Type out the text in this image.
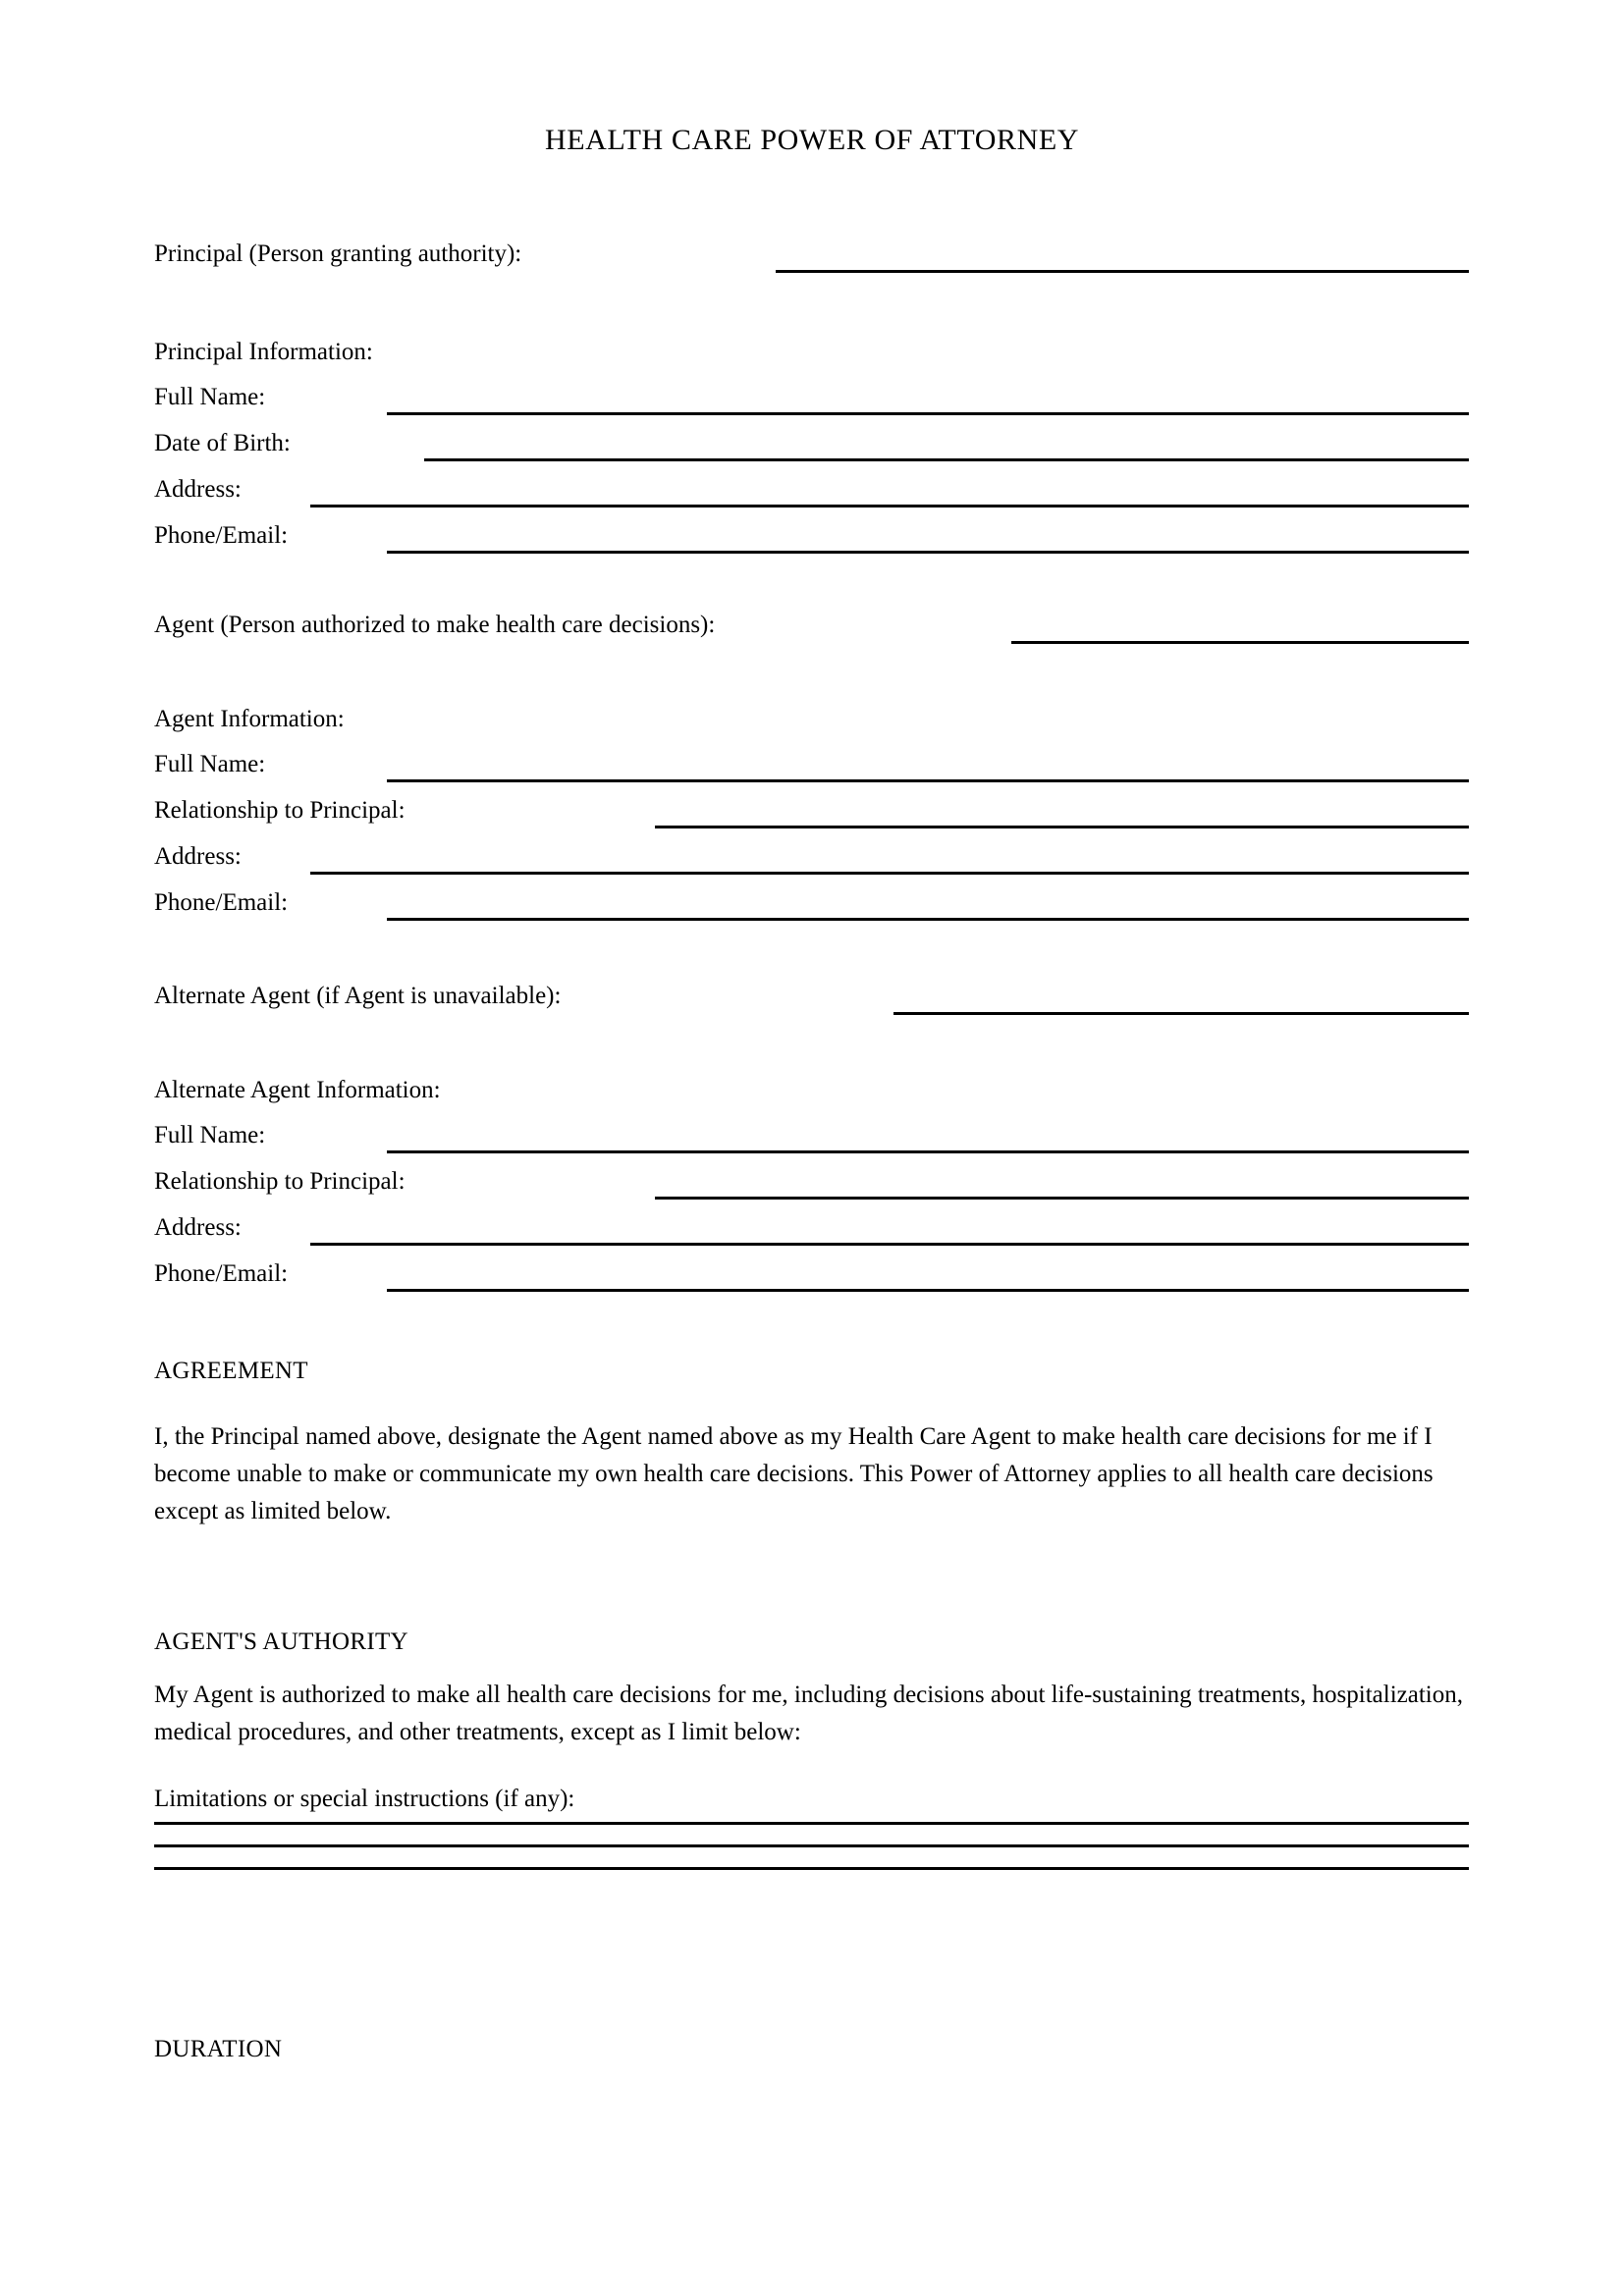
HEALTH CARE POWER OF ATTORNEY
Principal (Person granting authority):
Principal Information:
Full Name:
Date of Birth:
Address:
Phone/Email:
Agent (Person authorized to make health care decisions):
Agent Information:
Full Name:
Relationship to Principal:
Address:
Phone/Email:
Alternate Agent (if Agent is unavailable):
Alternate Agent Information:
Full Name:
Relationship to Principal:
Address:
Phone/Email:
AGREEMENT
I, the Principal named above, designate the Agent named above as my Health Care Agent to make health care decisions for me if I become unable to make or communicate my own health care decisions. This Power of Attorney applies to all health care decisions except as limited below.
AGENT'S AUTHORITY
My Agent is authorized to make all health care decisions for me, including decisions about life-sustaining treatments, hospitalization, medical procedures, and other treatments, except as I limit below:
Limitations or special instructions (if any):
DURATION
